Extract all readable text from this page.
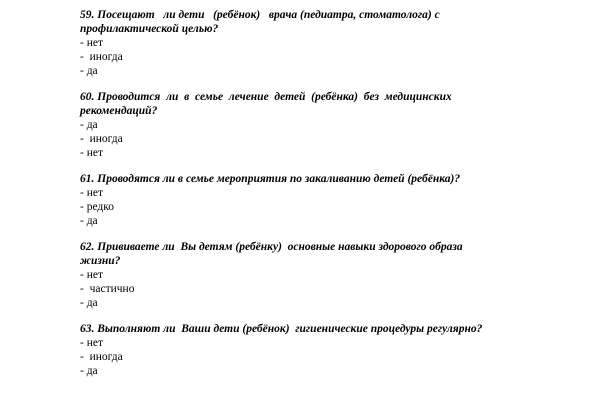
59. Посещают   ли дети   (ребёнок)   врача (педиатра, стоматолога) с
профилактической целью?

- нет
-  иногда
- да

60. Проводится  ли  в  семье  лечение  детей  (ребёнка)  без  медицинских
рекомендаций?

- да
-  иногда
- нет

61. Проводятся ли в семье мероприятия по закаливанию детей (ребёнка)?

- нет
- редко
- да

62. Прививаете ли  Вы детям (ребёнку)  основные навыки здорового образа
жизни?

- нет
-  частично
- да

63. Выполняют ли  Ваши дети (ребёнок)  гигиенические процедуры регулярно?

- нет
-  иногда
- да
